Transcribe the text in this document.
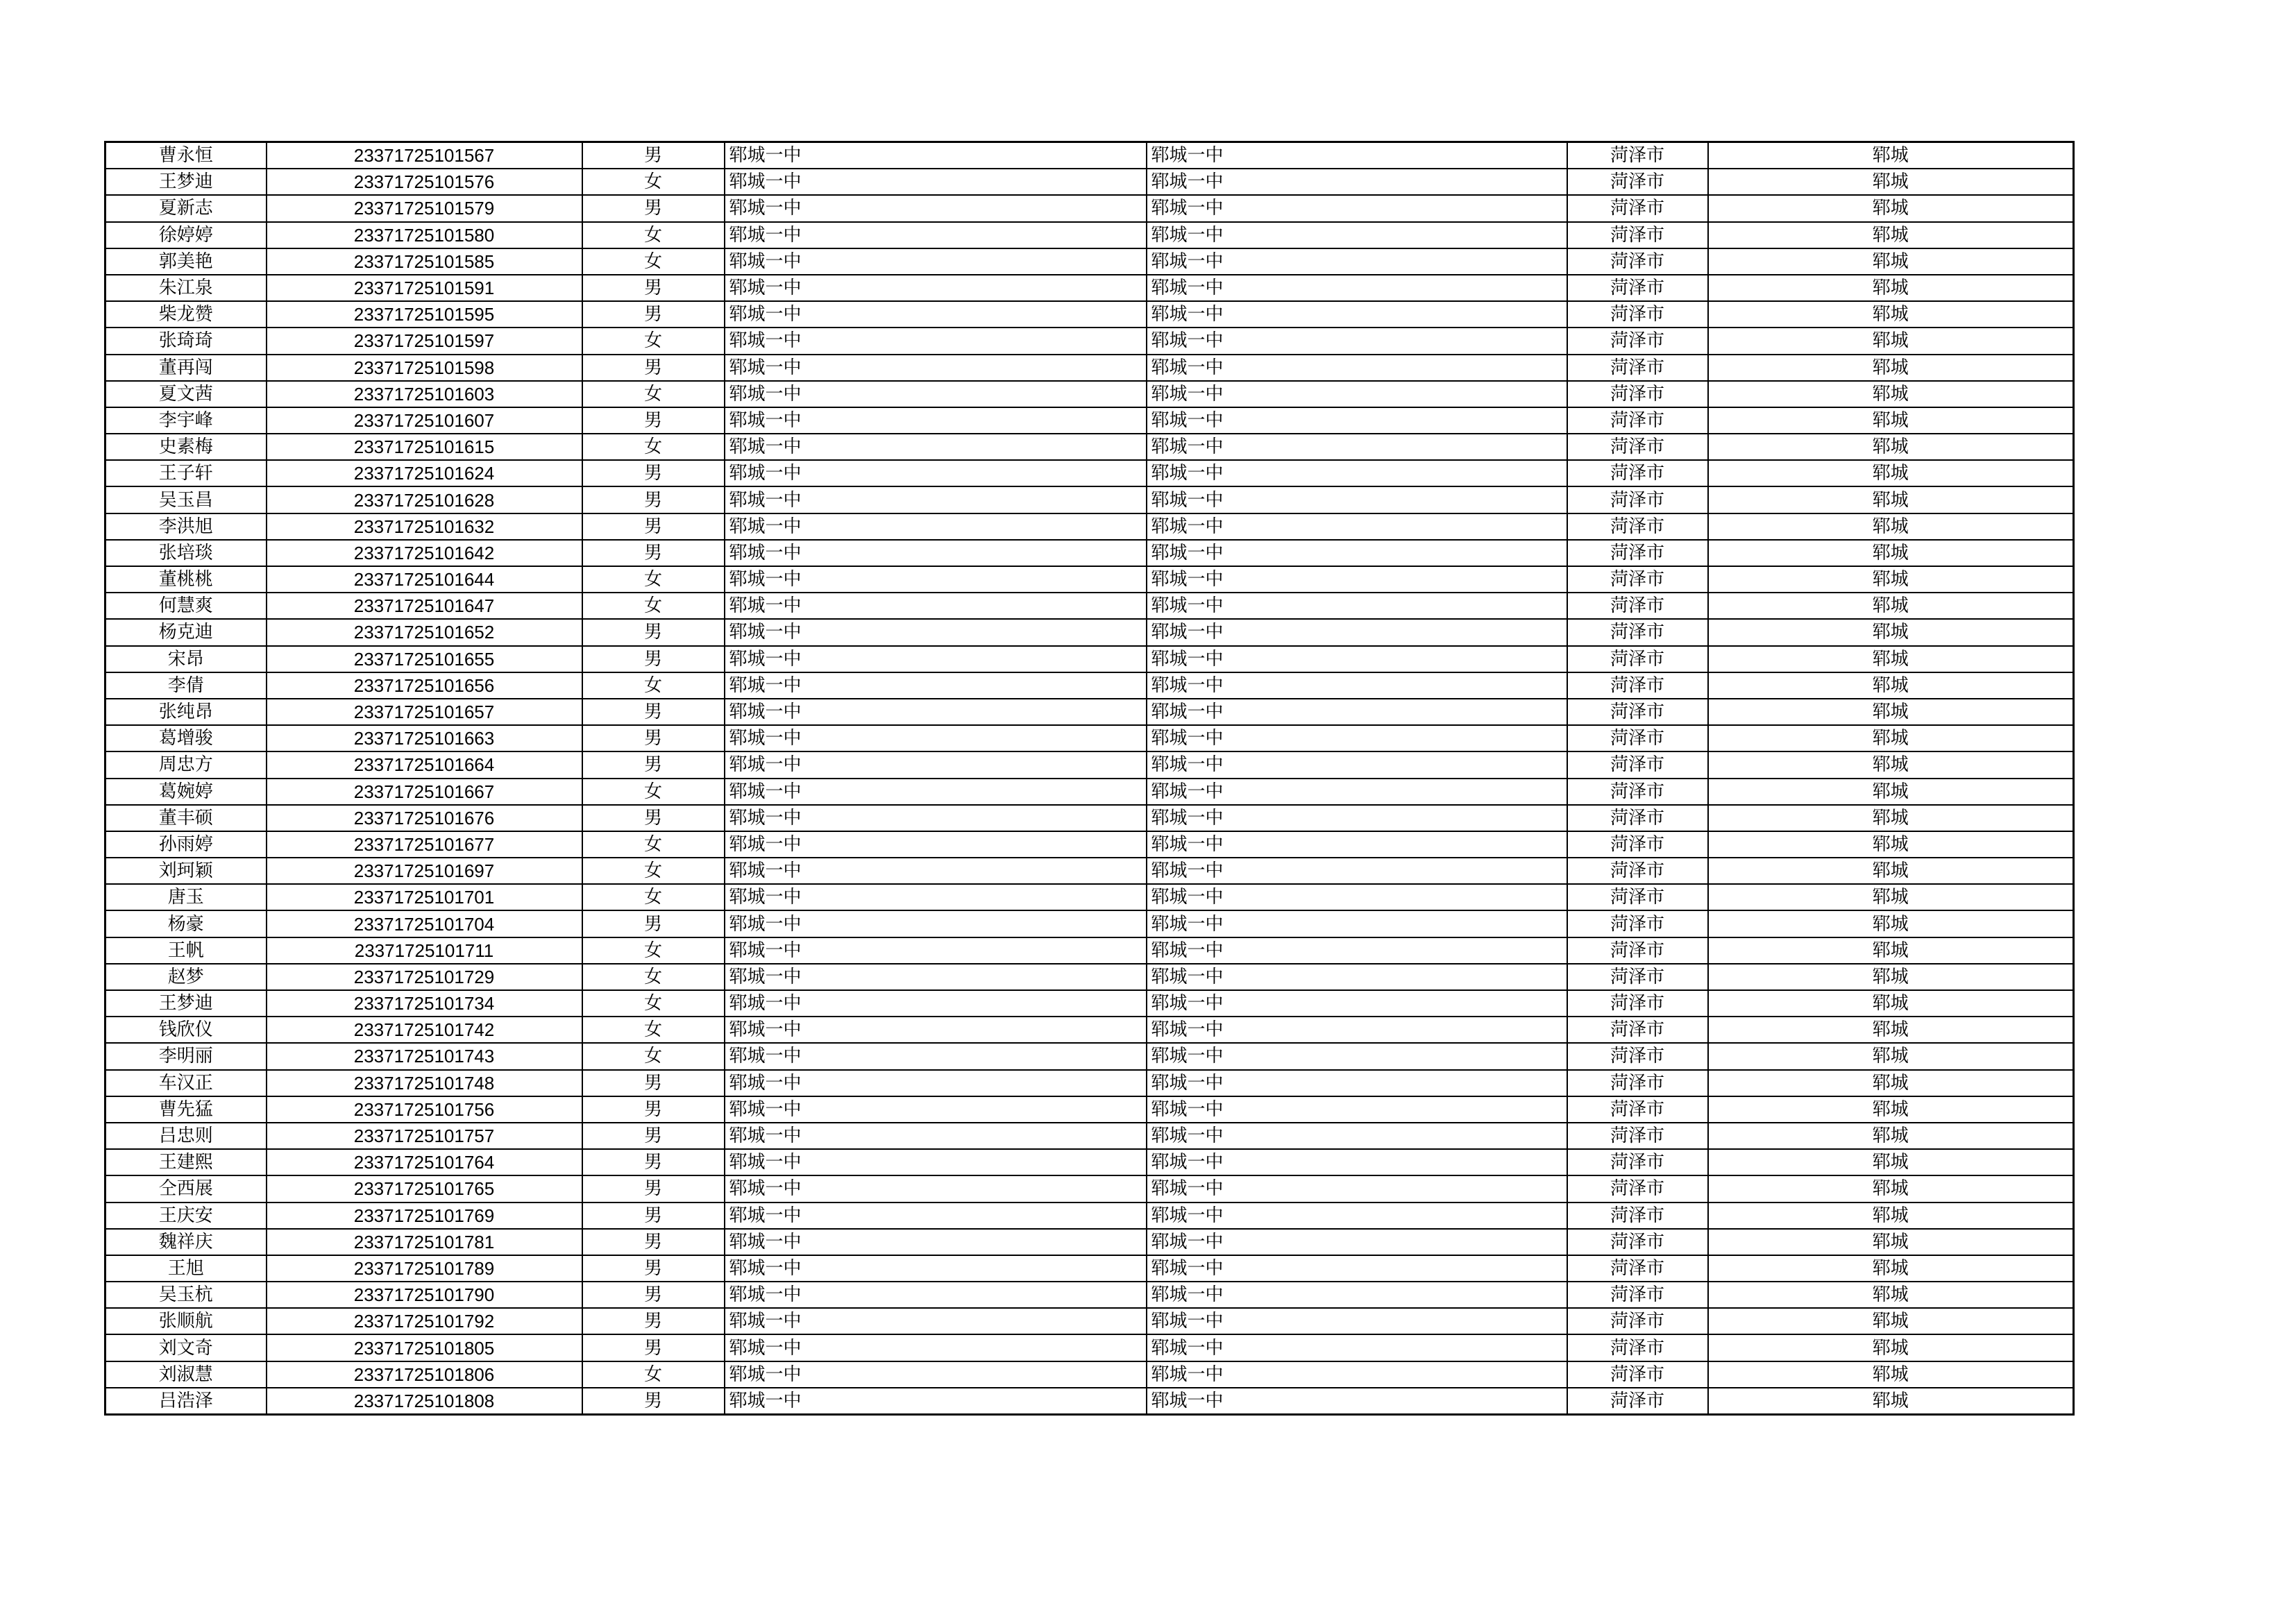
曹永恒	23371725101567	男	郓城一中	郓城一中	菏泽市	郓城
王梦迪	23371725101576	女	郓城一中	郓城一中	菏泽市	郓城
夏新志	23371725101579	男	郓城一中	郓城一中	菏泽市	郓城
徐婷婷	23371725101580	女	郓城一中	郓城一中	菏泽市	郓城
郭美艳	23371725101585	女	郓城一中	郓城一中	菏泽市	郓城
朱江泉	23371725101591	男	郓城一中	郓城一中	菏泽市	郓城
柴龙赞	23371725101595	男	郓城一中	郓城一中	菏泽市	郓城
张琦琦	23371725101597	女	郓城一中	郓城一中	菏泽市	郓城
董再闯	23371725101598	男	郓城一中	郓城一中	菏泽市	郓城
夏文茜	23371725101603	女	郓城一中	郓城一中	菏泽市	郓城
李宇峰	23371725101607	男	郓城一中	郓城一中	菏泽市	郓城
史素梅	23371725101615	女	郓城一中	郓城一中	菏泽市	郓城
王子轩	23371725101624	男	郓城一中	郓城一中	菏泽市	郓城
吴玉昌	23371725101628	男	郓城一中	郓城一中	菏泽市	郓城
李洪旭	23371725101632	男	郓城一中	郓城一中	菏泽市	郓城
张培琰	23371725101642	男	郓城一中	郓城一中	菏泽市	郓城
董桃桃	23371725101644	女	郓城一中	郓城一中	菏泽市	郓城
何慧爽	23371725101647	女	郓城一中	郓城一中	菏泽市	郓城
杨克迪	23371725101652	男	郓城一中	郓城一中	菏泽市	郓城
宋昂	23371725101655	男	郓城一中	郓城一中	菏泽市	郓城
李倩	23371725101656	女	郓城一中	郓城一中	菏泽市	郓城
张纯昂	23371725101657	男	郓城一中	郓城一中	菏泽市	郓城
葛增骏	23371725101663	男	郓城一中	郓城一中	菏泽市	郓城
周忠方	23371725101664	男	郓城一中	郓城一中	菏泽市	郓城
葛婉婷	23371725101667	女	郓城一中	郓城一中	菏泽市	郓城
董丰硕	23371725101676	男	郓城一中	郓城一中	菏泽市	郓城
孙雨婷	23371725101677	女	郓城一中	郓城一中	菏泽市	郓城
刘珂颖	23371725101697	女	郓城一中	郓城一中	菏泽市	郓城
唐玉	23371725101701	女	郓城一中	郓城一中	菏泽市	郓城
杨豪	23371725101704	男	郓城一中	郓城一中	菏泽市	郓城
王帆	23371725101711	女	郓城一中	郓城一中	菏泽市	郓城
赵梦	23371725101729	女	郓城一中	郓城一中	菏泽市	郓城
王梦迪	23371725101734	女	郓城一中	郓城一中	菏泽市	郓城
钱欣仪	23371725101742	女	郓城一中	郓城一中	菏泽市	郓城
李明丽	23371725101743	女	郓城一中	郓城一中	菏泽市	郓城
车汉正	23371725101748	男	郓城一中	郓城一中	菏泽市	郓城
曹先猛	23371725101756	男	郓城一中	郓城一中	菏泽市	郓城
吕忠则	23371725101757	男	郓城一中	郓城一中	菏泽市	郓城
王建熙	23371725101764	男	郓城一中	郓城一中	菏泽市	郓城
仝西展	23371725101765	男	郓城一中	郓城一中	菏泽市	郓城
王庆安	23371725101769	男	郓城一中	郓城一中	菏泽市	郓城
魏祥庆	23371725101781	男	郓城一中	郓城一中	菏泽市	郓城
王旭	23371725101789	男	郓城一中	郓城一中	菏泽市	郓城
吴玉杭	23371725101790	男	郓城一中	郓城一中	菏泽市	郓城
张顺航	23371725101792	男	郓城一中	郓城一中	菏泽市	郓城
刘文奇	23371725101805	男	郓城一中	郓城一中	菏泽市	郓城
刘淑慧	23371725101806	女	郓城一中	郓城一中	菏泽市	郓城
吕浩泽	23371725101808	男	郓城一中	郓城一中	菏泽市	郓城
